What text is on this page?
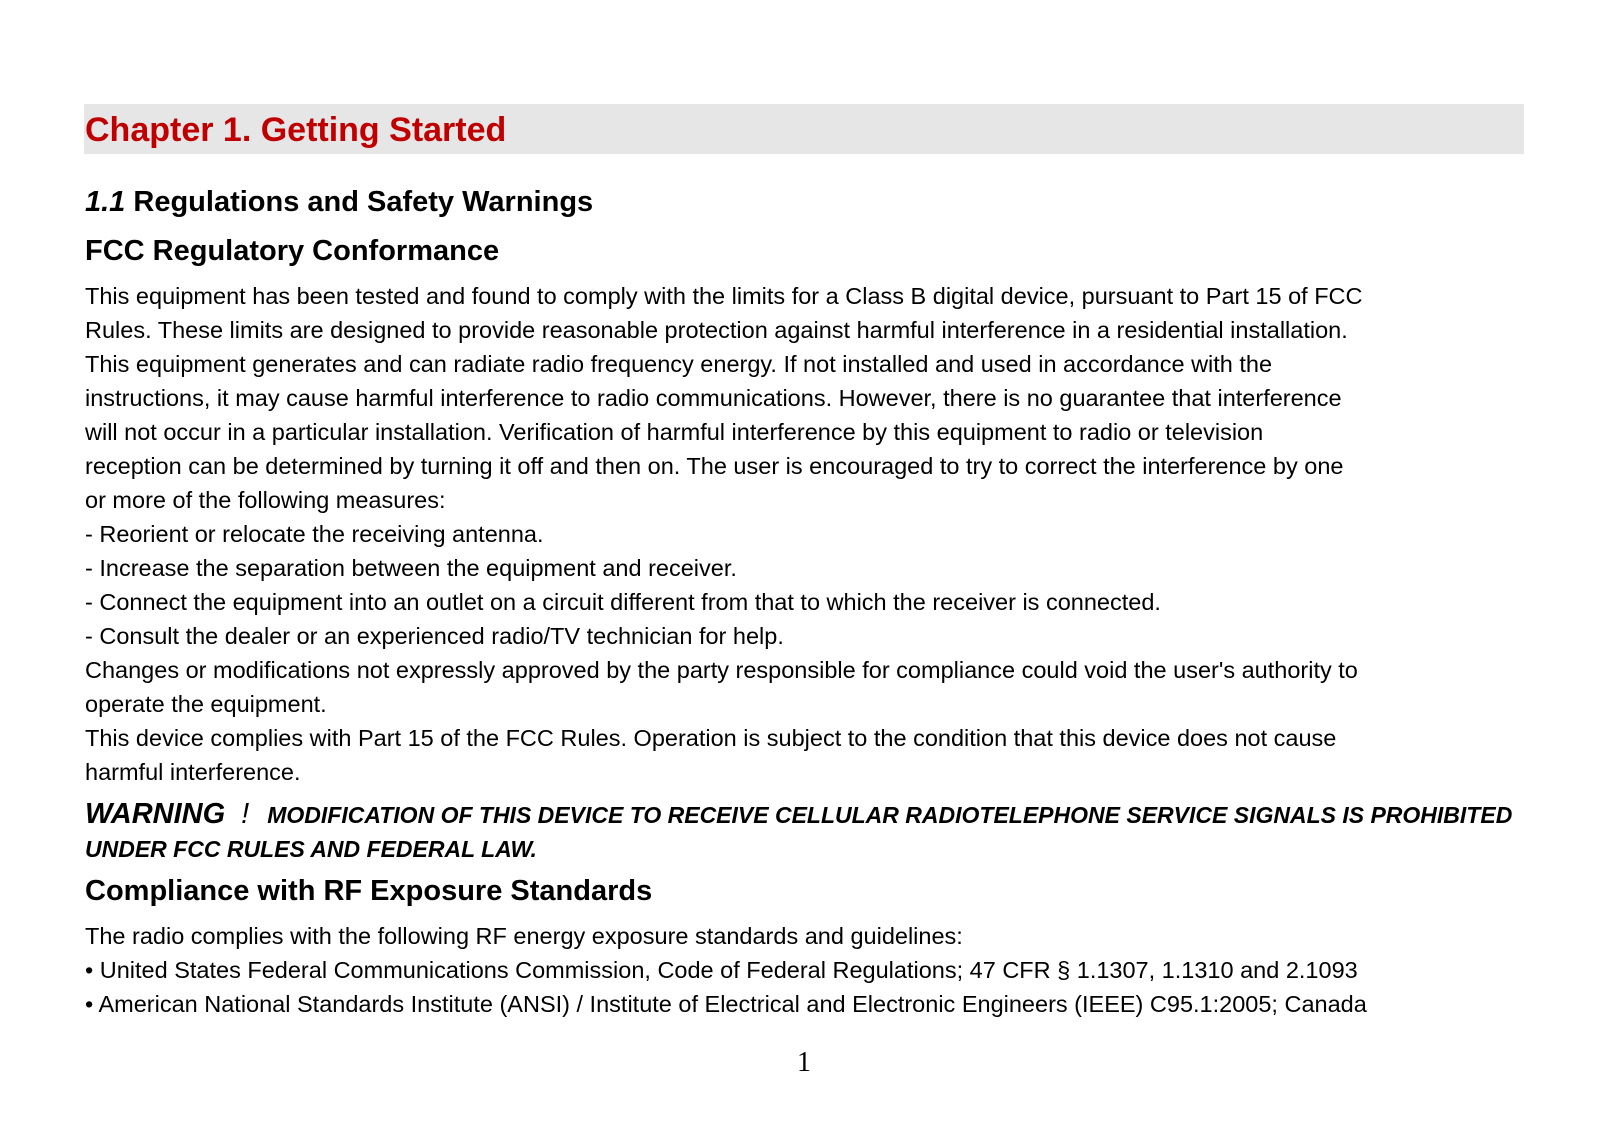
Chapter 1. Getting Started
1.1 Regulations and Safety Warnings
FCC Regulatory Conformance

This equipment has been tested and found to comply with the limits for a Class B digital device, pursuant to Part 15 of FCC

Rules. These limits are designed to provide reasonable protection against harmful interference in a residential installation.

This equipment generates and can radiate radio frequency energy. If not installed and used in accordance with the

instructions, it may cause harmful interference to radio communications. However, there is no guarantee that interference

will not occur in a particular installation. Verification of harmful interference by this equipment to radio or television

reception can be determined by turning it off and then on. The user is encouraged to try to correct the interference by one

or more of the following measures:

- Reorient or relocate the receiving antenna.

- Increase the separation between the equipment and receiver.

- Connect the equipment into an outlet on a circuit different from that to which the receiver is connected.

- Consult the dealer or an experienced radio/TV technician for help.

Changes or modifications not expressly approved by the party responsible for compliance could void the user's authority to

operate the equipment.

This device complies with Part 15 of the FCC Rules. Operation is subject to the condition that this device does not cause

harmful interference.

WARNING ! MODIFICATION OF THIS DEVICE TO RECEIVE CELLULAR RADIOTELEPHONE SERVICE SIGNALS IS PROHIBITED
UNDER FCC RULES AND FEDERAL LAW.
Compliance with RF Exposure Standards

The radio complies with the following RF energy exposure standards and guidelines:

• United States Federal Communications Commission, Code of Federal Regulations; 47 CFR § 1.1307, 1.1310 and 2.1093

• American National Standards Institute (ANSI) / Institute of Electrical and Electronic Engineers (IEEE) C95.1:2005; Canada

1
